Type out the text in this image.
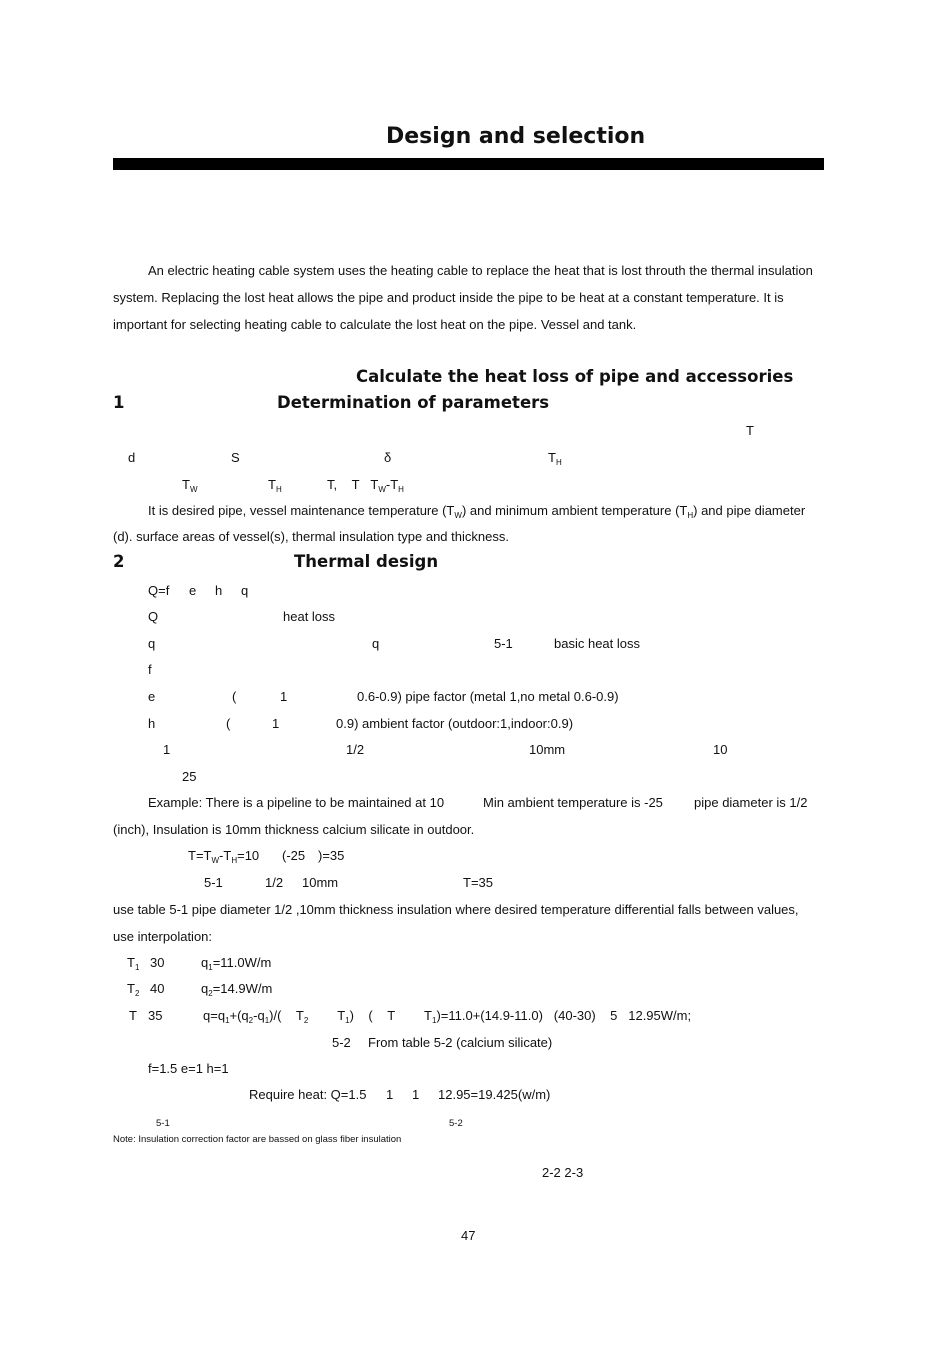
Design and selection
An electric heating cable system uses the heating cable to replace the heat that is lost throuth the thermal insulation
system. Replacing the lost heat allows the pipe and product inside the pipe to be heat at a constant temperature. It is
important for selecting heating cable to calculate the lost heat on the pipe. Vessel and tank.
Calculate the heat loss of pipe and accessories
1	Determination of parameters
T
d	S	δ	$T_H$
$T_W$	$T_H$	T, T $T_W-T_H$
It is desired pipe, vessel maintenance temperature $(T_W)$ and minimum ambient temperature $(T_H)$ and pipe diameter
(d). surface areas of vessel(s), thermal insulation type and thickness.
2	Thermal design
Q=f e h q
Q	heat loss
q	q	5-1	basic heat loss
f
e	(	1	0.6-0.9) pipe factor (metal 1,no metal 0.6-0.9)
h	(	1	0.9) ambient factor (outdoor:1,indoor:0.9)
1	1/2	10mm	10
25
Example: There is a pipeline to be maintained at 10	Min ambient temperature is -25 pipe diameter is 1/2
(inch), Insulation is 10mm thickness calcium silicate in outdoor.
$T=T_W-T_H=10$ (-25 )=35
5-1	1/2 10mm	T=35
use table 5-1 pipe diameter 1/2 ,10mm thickness insulation where desired temperature differential falls between values,
use interpolation:
$T_1$ 30	$q_1=11.0W/m$
$T_2$ 40	$q_2=14.9W/m$
T 35	$q=q_1+(q_2-q_1)/$( $T_2$ $T_1$) ( T $T_1)=11.0+(14.9-11.0)$ (40-30) 5 12.95W/m;
5-2 From table 5-2 (calcium silicate)
f=1.5 e=1 h=1
Require heat: Q=1.5 1 1 12.95=19.425(w/m)
5-1	5-2
Note: Insulation correction factor are bassed on glass fiber insulation
2-2 2-3
47
